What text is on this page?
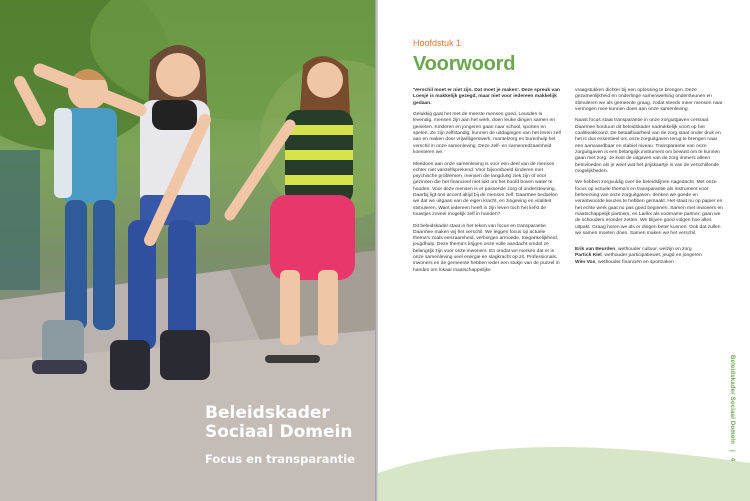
Beleidskader
Sociaal Domein
Focus en transparantie
Hoofdstuk 1
Voorwoord

'Verschil moet er niet zijn. Dat moet je maken'. Deze spreuk van Loesje is makkelijk gezegd, maar niet voor iedereen makkelijk gedaan.

Gelukkig gaat het met de meeste mensen goed. Leusden is levendig, mensen zijn aan het werk, doen leuke dingen samen en genieten. Kinderen en jongeren gaan naar school, sporten en spelen. Ze zijn zelfstandig, kunnen de uitdagingen van het leven zelf aan en maken door vrijwilligerswerk, mantelzorg en burenhulp het verschil in onze samenleving. Deze zelf- en samenredzaamheid koesteren we.

Meedoen aan onze samenleving is voor een deel van de mensen echter niet vanzelfsprekend. Voor bijvoorbeeld kinderen met psychische problemen, mensen die langdurig ziek zijn of voor gezinnen die het financieel niet lukt om het hoofd boven water te houden. Voor deze mensen is er passende zorg of ondersteuning. Daarbij ligt ons accent altijd bij de mensen zelf. Daarmee bedoelen we dat we uitgaan van de eigen kracht, en zingeving en vitaliteit stimuleren. Want iedereen heeft in zijn leven toch het liefst de touwtjes zoveel mogelijk zelf in handen?

Dit beleidskader staat in het teken van focus en transparantie. Daarmee maken wij het verschil. We leggen focus op actuele thema's zoals eenzaamheid, verborgen armoede, toegankelijkheid, jeugdhulp. Deze thema's krijgen onze volle aandacht omdat ze belangrijk zijn voor onze inwoners. En omdat we merken dat er in onze samenleving veel energie en slagkracht op zit. Professionals, inwoners en de gemeente hebben ieder een stukje van de puzzel in handen om lokaal maatschappelijke

vraagstukken dichter bij een oplossing te brengen. Deze gezamenlijkheid en onderlinge samenwerking ondersteunen en stimuleren we als gemeente graag, zodat steeds meer mensen naar vermogen mee kunnen doen aan onze samenleving.

Naast focus staat transparantie in onze zorguitgaven centraal. Daarmee borduurt dit beleidskader nadrukkelijk voort op het coalitieakkoord. De betaalbaarheid van de zorg staat onder druk en het is dus essentieel om onze zorguitgaven terug te brengen naar een aanvaardbaar en stabiel niveau. Transparantie van onze zorguitgaven is een belangrijk instrument om bewust om te kunnen gaan met zorg. Je kunt de uitgaven van de zorg immers alleen beïnvloeden als je weet wat het prijskaartje is van de verschillende mogelijkheden.

We hebben zorgvuldig over de beleidslijnen nagedacht. Met onze focus op actuele thema's en transparantie als instrument voor beheersing van onze zorguitgaven, denken we goede en verantwoorde keuzes te hebben gemaakt. Het staat nu op papier en het echte werk gaat nu pas goed beginnen. Samen met inwoners en maatschappelijk partners, en Larikx als voorname partner, gaan we de schouders eronder zetten. We blijven goed volgen hoe alles uitpakt. Graag horen we als er dingen beter kunnen. Ook dat zullen we samen moeten doen. Samen maken we het verschil.

Erik van Beurden, wethouder cultuur, welzijn en zorg
Partick Kiel, wethouder participatiewet, jeugd en jongeren
Wim Vos, wethouder financiën en sportzaken
Beleidskader Sociaal Domein | 4
